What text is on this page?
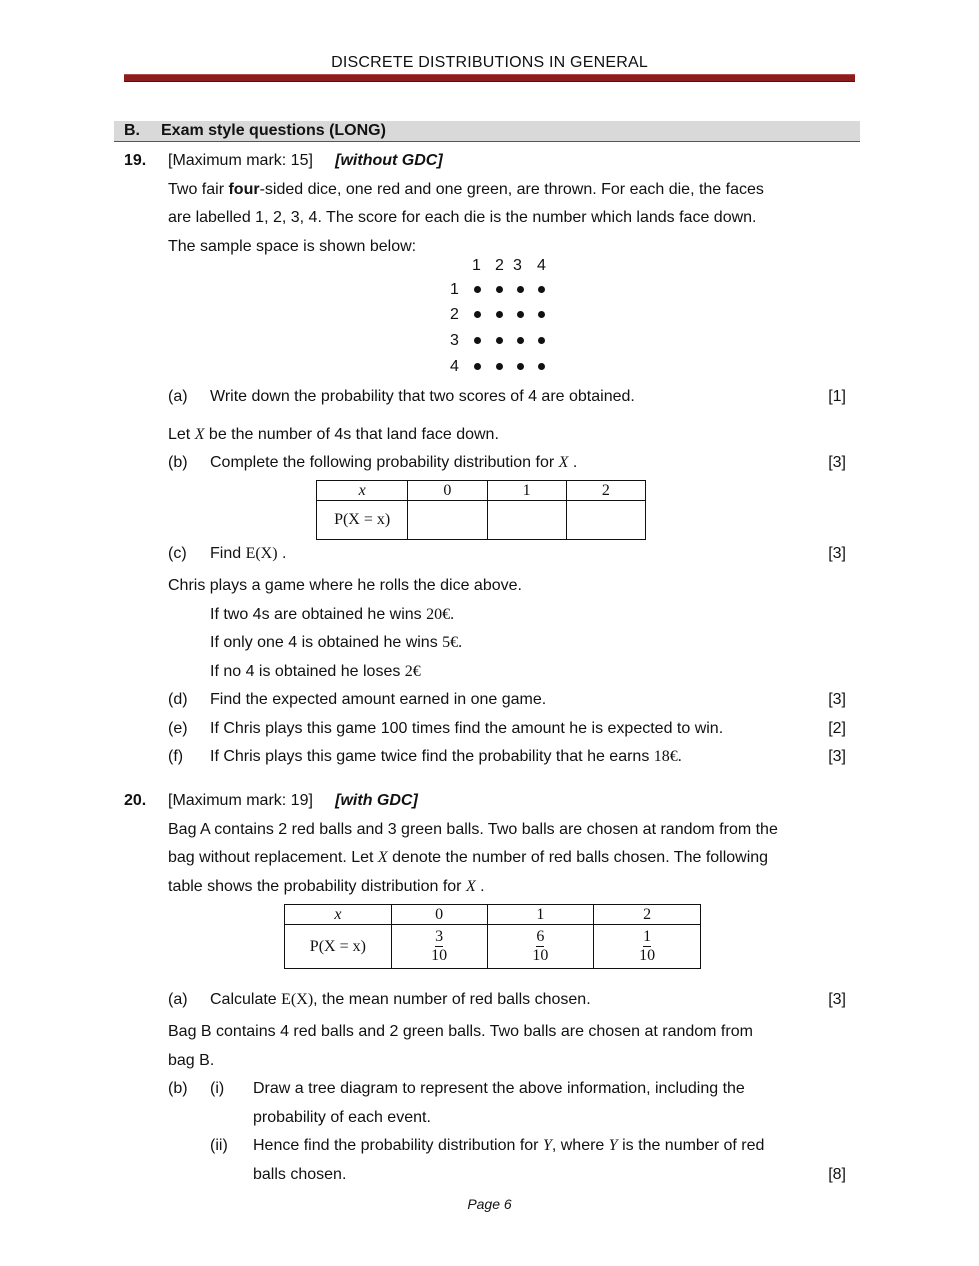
DISCRETE DISTRIBUTIONS IN GENERAL
B. Exam style questions (LONG)
19. [Maximum mark: 15] [without GDC]
Two fair four-sided dice, one red and one green, are thrown. For each die, the faces
are labelled 1, 2, 3, 4. The score for each die is the number which lands face down.
The sample space is shown below:
1 2 3 4
1
2
3
4
(a) Write down the probability that two scores of 4 are obtained.	[1]
Let X be the number of 4s that land face down.
(b) Complete the following probability distribution for X .	[3]
x	0	1	2
P(X = x)			
(c) Find E(X) .	[3]
Chris plays a game where he rolls the dice above.
If two 4s are obtained he wins 20€.
If only one 4 is obtained he wins 5€.
If no 4 is obtained he loses 2€
(d) Find the expected amount earned in one game.	[3]
(e) If Chris plays this game 100 times find the amount he is expected to win.	[2]
(f) If Chris plays this game twice find the probability that he earns 18€.	[3]
20. [Maximum mark: 19] [with GDC]
Bag A contains 2 red balls and 3 green balls. Two balls are chosen at random from the
bag without replacement. Let X denote the number of red balls chosen. The following
table shows the probability distribution for X .
x	0	1	2
P(X = x)	$\frac{3}{10}$	$\frac{6}{10}$	$\frac{1}{10}$
(a) Calculate E(X), the mean number of red balls chosen.	[3]
Bag B contains 4 red balls and 2 green balls. Two balls are chosen at random from
bag B.
(b) (i) Draw a tree diagram to represent the above information, including the
probability of each event.
(ii) Hence find the probability distribution for Y, where Y is the number of red
balls chosen.	[8]
Page 6
